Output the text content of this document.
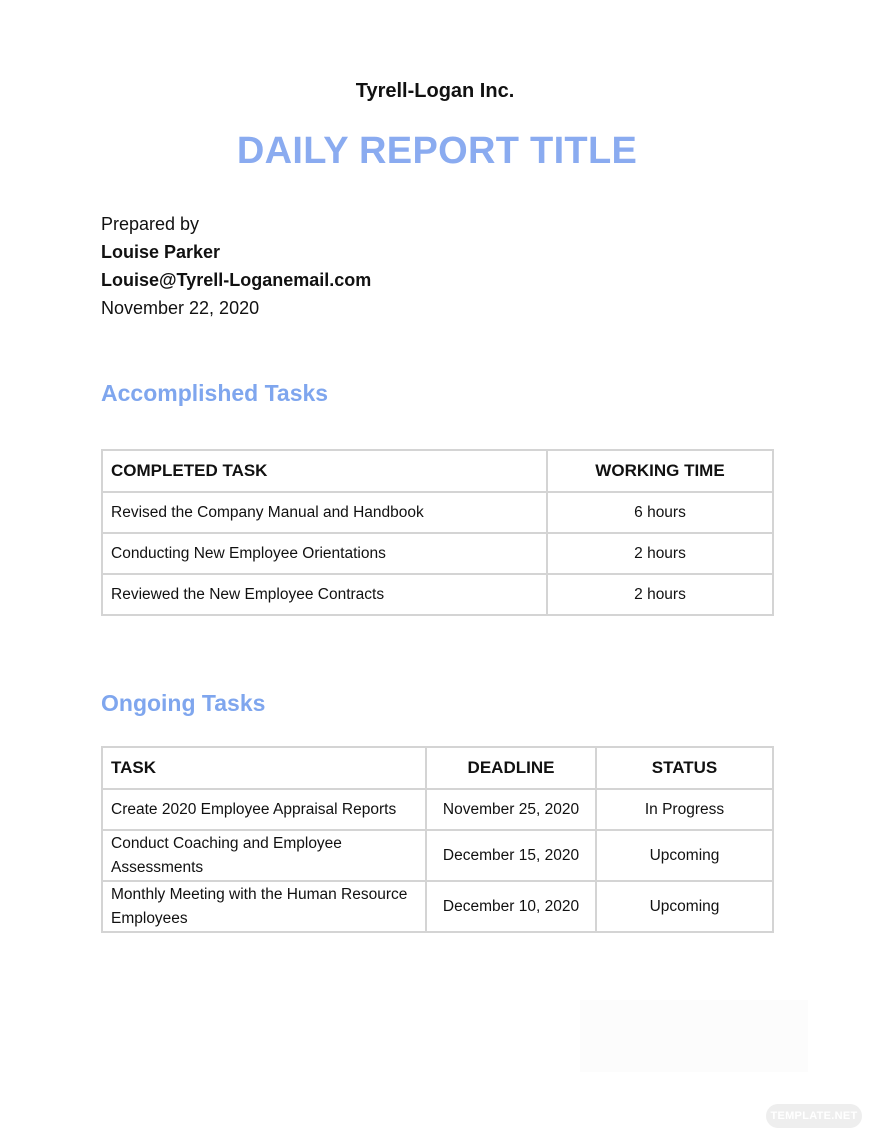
Tyrell-Logan Inc.
DAILY REPORT TITLE
Prepared by
Louise Parker
Louise@Tyrell-Loganemail.com
November 22, 2020
Accomplished Tasks
COMPLETED TASK	WORKING TIME
Revised the Company Manual and Handbook	6 hours
Conducting New Employee Orientations	2 hours
Reviewed the New Employee Contracts	2 hours
Ongoing Tasks
TASK	DEADLINE	STATUS
Create 2020 Employee Appraisal Reports	November 25, 2020	In Progress
Conduct Coaching and Employee Assessments	December 15, 2020	Upcoming
Monthly Meeting with the Human Resource Employees	December 10, 2020	Upcoming
TEMPLATE.NET
